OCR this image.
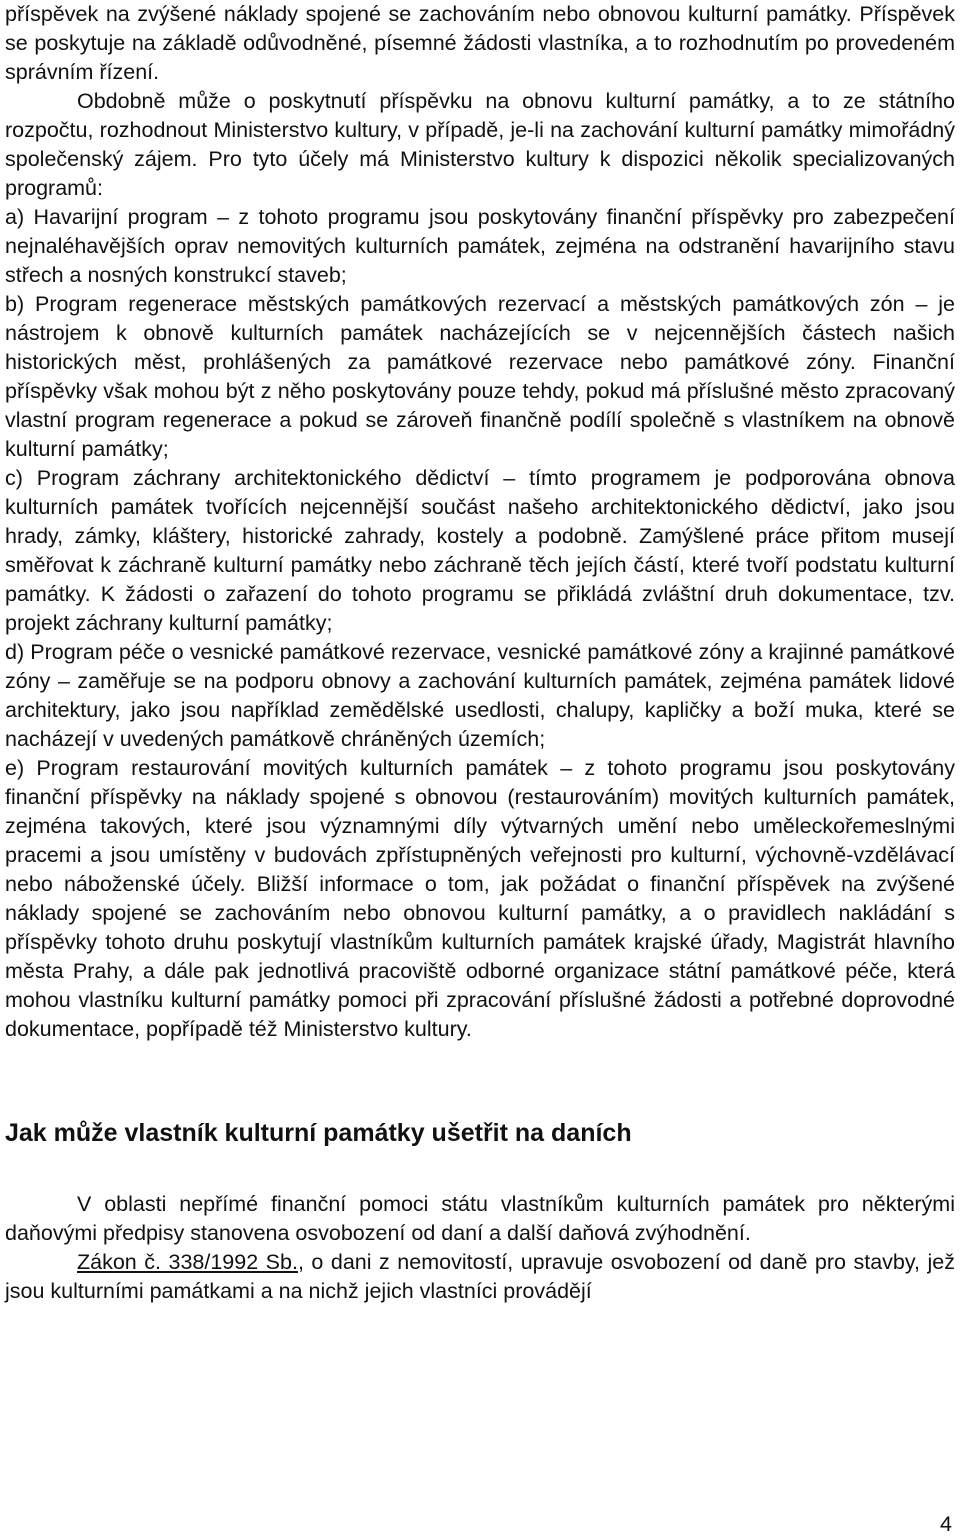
příspěvek na zvýšené náklady spojené se zachováním nebo obnovou kulturní památky. Příspěvek se poskytuje na základě odůvodněné, písemné žádosti vlastníka, a to rozhodnutím po provedeném správním řízení.

Obdobně může o poskytnutí příspěvku na obnovu kulturní památky, a to ze státního rozpočtu, rozhodnout Ministerstvo kultury, v případě, je-li na zachování kulturní památky mimořádný společenský zájem. Pro tyto účely má Ministerstvo kultury k dispozici několik specializovaných programů:

a) Havarijní program – z tohoto programu jsou poskytovány finanční příspěvky pro zabezpečení nejnaléhavějších oprav nemovitých kulturních památek, zejména na odstranění havarijního stavu střech a nosných konstrukcí staveb;

b) Program regenerace městských památkových rezervací a městských památkových zón – je nástrojem k obnově kulturních památek nacházejících se v nejcennějších částech našich historických měst, prohlášených za památkové rezervace nebo památkové zóny. Finanční příspěvky však mohou být z něho poskytovány pouze tehdy, pokud má příslušné město zpracovaný vlastní program regenerace a pokud se zároveň finančně podílí společně s vlastníkem na obnově kulturní památky;

c) Program záchrany architektonického dědictví – tímto programem je podporována obnova kulturních památek tvořících nejcennější součást našeho architektonického dědictví, jako jsou hrady, zámky, kláštery, historické zahrady, kostely a podobně. Zamýšlené práce přitom musejí směřovat k záchraně kulturní památky nebo záchraně těch jejích částí, které tvoří podstatu kulturní památky. K žádosti o zařazení do tohoto programu se přikládá zvláštní druh dokumentace, tzv. projekt záchrany kulturní památky;

d) Program péče o vesnické památkové rezervace, vesnické památkové zóny a krajinné památkové zóny – zaměřuje se na podporu obnovy a zachování kulturních památek, zejména památek lidové architektury, jako jsou například zemědělské usedlosti, chalupy, kapličky a boží muka, které se nacházejí v uvedených památkově chráněných územích;

e) Program restaurování movitých kulturních památek – z tohoto programu jsou poskytovány finanční příspěvky na náklady spojené s obnovou (restaurováním) movitých kulturních památek, zejména takových, které jsou významnými díly výtvarných umění nebo uměleckořemeslnými pracemi a jsou umístěny v budovách zpřístupněných veřejnosti pro kulturní, výchovně-vzdělávací nebo náboženské účely. Bližší informace o tom, jak požádat o finanční příspěvek na zvýšené náklady spojené se zachováním nebo obnovou kulturní památky, a o pravidlech nakládání s příspěvky tohoto druhu poskytují vlastníkům kulturních památek krajské úřady, Magistrát hlavního města Prahy, a dále pak jednotlivá pracoviště odborné organizace státní památkové péče, která mohou vlastníku kulturní památky pomoci při zpracování příslušné žádosti a potřebné doprovodné dokumentace, popřípadě též Ministerstvo kultury.

Jak může vlastník kulturní památky ušetřit na daních

V oblasti nepřímé finanční pomoci státu vlastníkům kulturních památek pro některými daňovými předpisy stanovena osvobození od daní a další daňová zvýhodnění.

Zákon č. 338/1992 Sb., o dani z nemovitostí, upravuje osvobození od daně pro stavby, jež jsou kulturními památkami a na nichž jejich vlastníci provádějí

4
